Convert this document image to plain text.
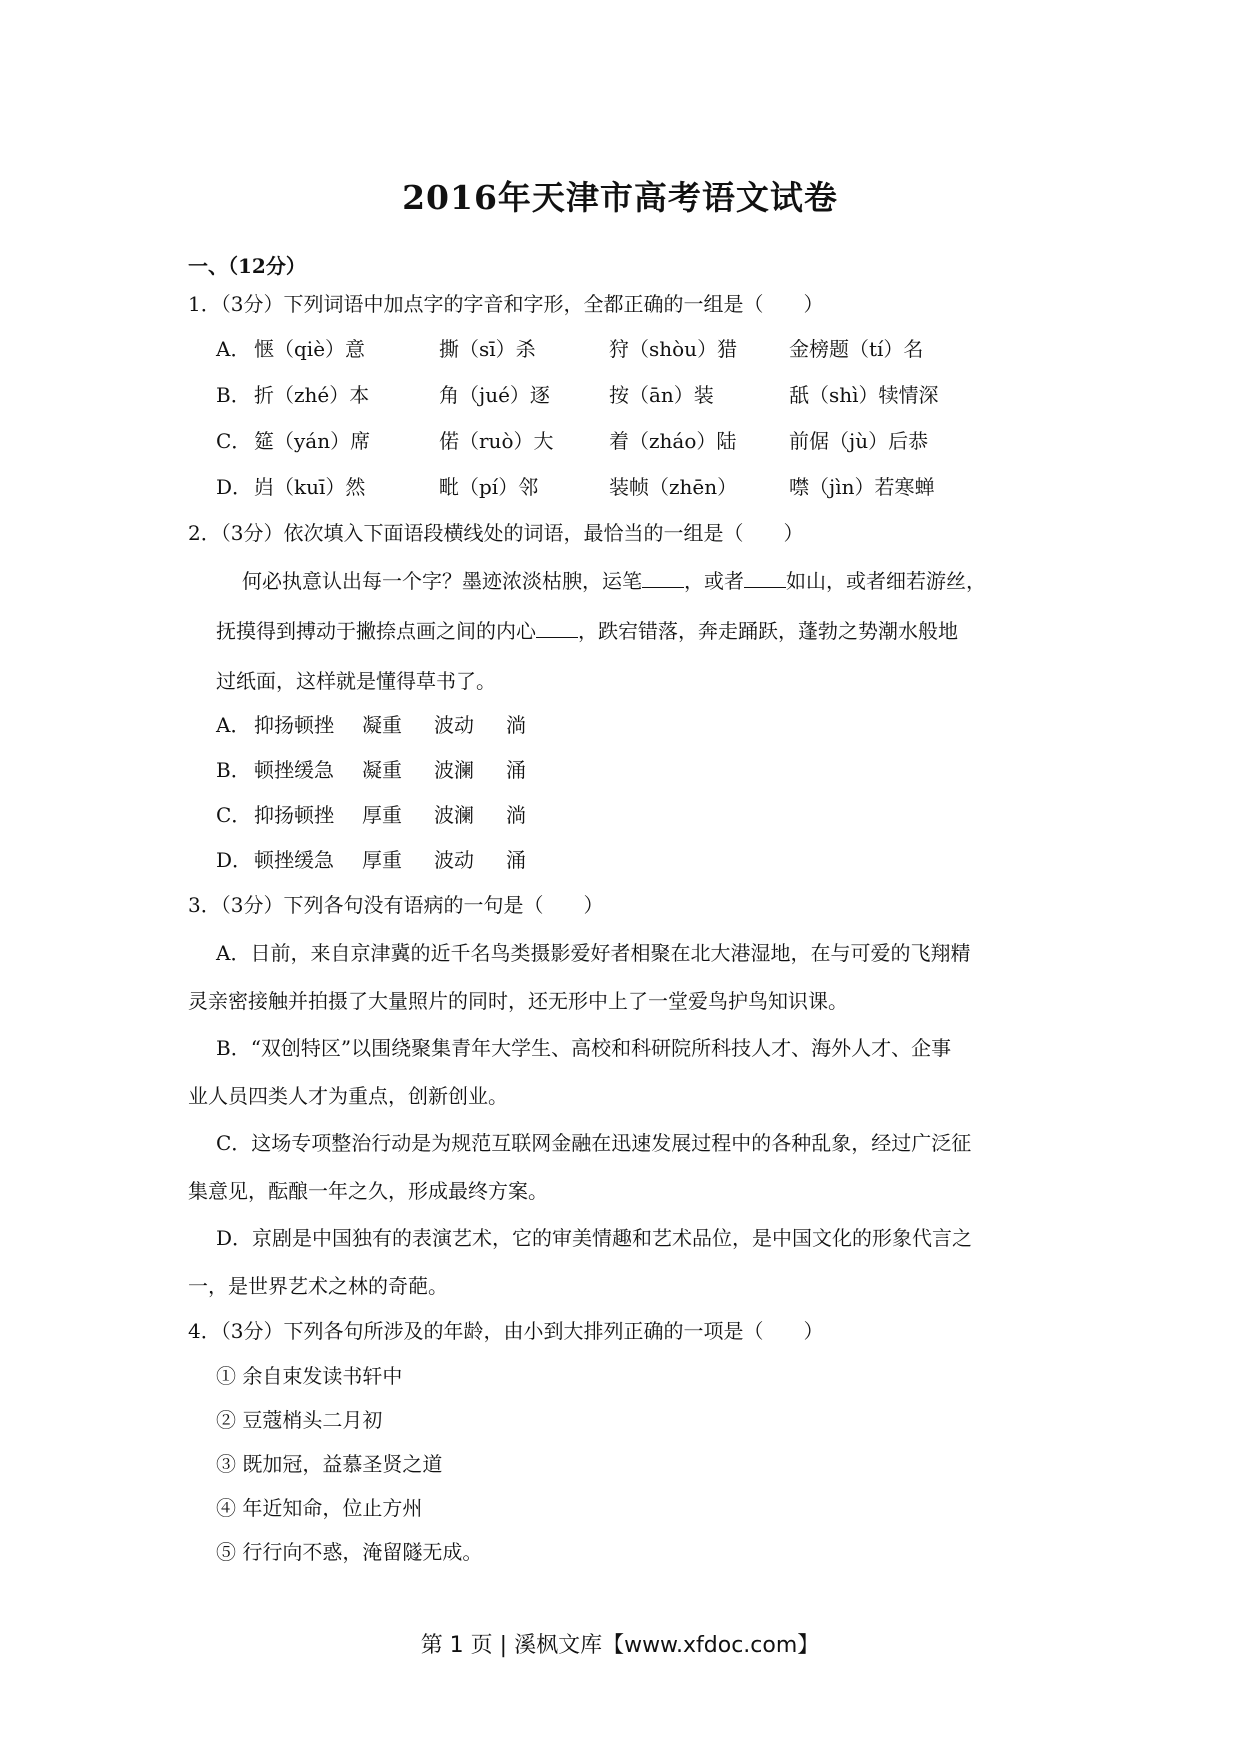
2016年天津市高考语文试卷
一、（12分）
1．（3分）下列词语中加点字的字音和字形，全都正确的一组是（　　）
A． 惬（qiè）意	撕（sī）杀	狩（shòu）猎	金榜题（tí）名
B． 折（zhé）本	角（jué）逐	按（ān）装	舐（shì）犊情深
C． 筵（yán）席	偌（ruò）大	着（zháo）陆	前倨（jù）后恭
D．岿（kuī）然	毗（pí）邻	装帧（zhēn）	噤（jìn）若寒蝉
2．（3分）依次填入下面语段横线处的词语，最恰当的一组是（　　）
何必执意认出每一个字？墨迹浓淡枯腴，运笔 ，或者 如山，或者细若游丝，
抚摸得到搏动于撇捺点画之间的内心 ，跌宕错落，奔走踊跃，蓬勃之势潮水般地
过纸面，这样就是懂得草书了。
A． 抑扬顿挫 凝重 波动 淌
B． 顿挫缓急 凝重 波澜 涌
C． 抑扬顿挫 厚重 波澜 淌
D．顿挫缓急 厚重 波动 涌
3．（3分）下列各句没有语病的一句是（　　）
A．日前，来自京津冀的近千名鸟类摄影爱好者相聚在北大港湿地，在与可爱的飞翔精
灵亲密接触并拍摄了大量照片的同时，还无形中上了一堂爱鸟护鸟知识课。
B．“双创特区”以围绕聚集青年大学生、高校和科研院所科技人才、海外人才、企事
业人员四类人才为重点，创新创业。
C．这场专项整治行动是为规范互联网金融在迅速发展过程中的各种乱象，经过广泛征
集意见，酝酿一年之久，形成最终方案。
D．京剧是中国独有的表演艺术，它的审美情趣和艺术品位，是中国文化的形象代言之
一，是世界艺术之林的奇葩。
4．（3分）下列各句所涉及的年龄，由小到大排列正确的一项是（　　）
① 余自束发读书轩中
② 豆蔻梢头二月初
③ 既加冠，益慕圣贤之道
④ 年近知命，位止方州
⑤ 行行向不惑，淹留隧无成。
第 1 页 | 溪枫文库【www.xfdoc.com】
